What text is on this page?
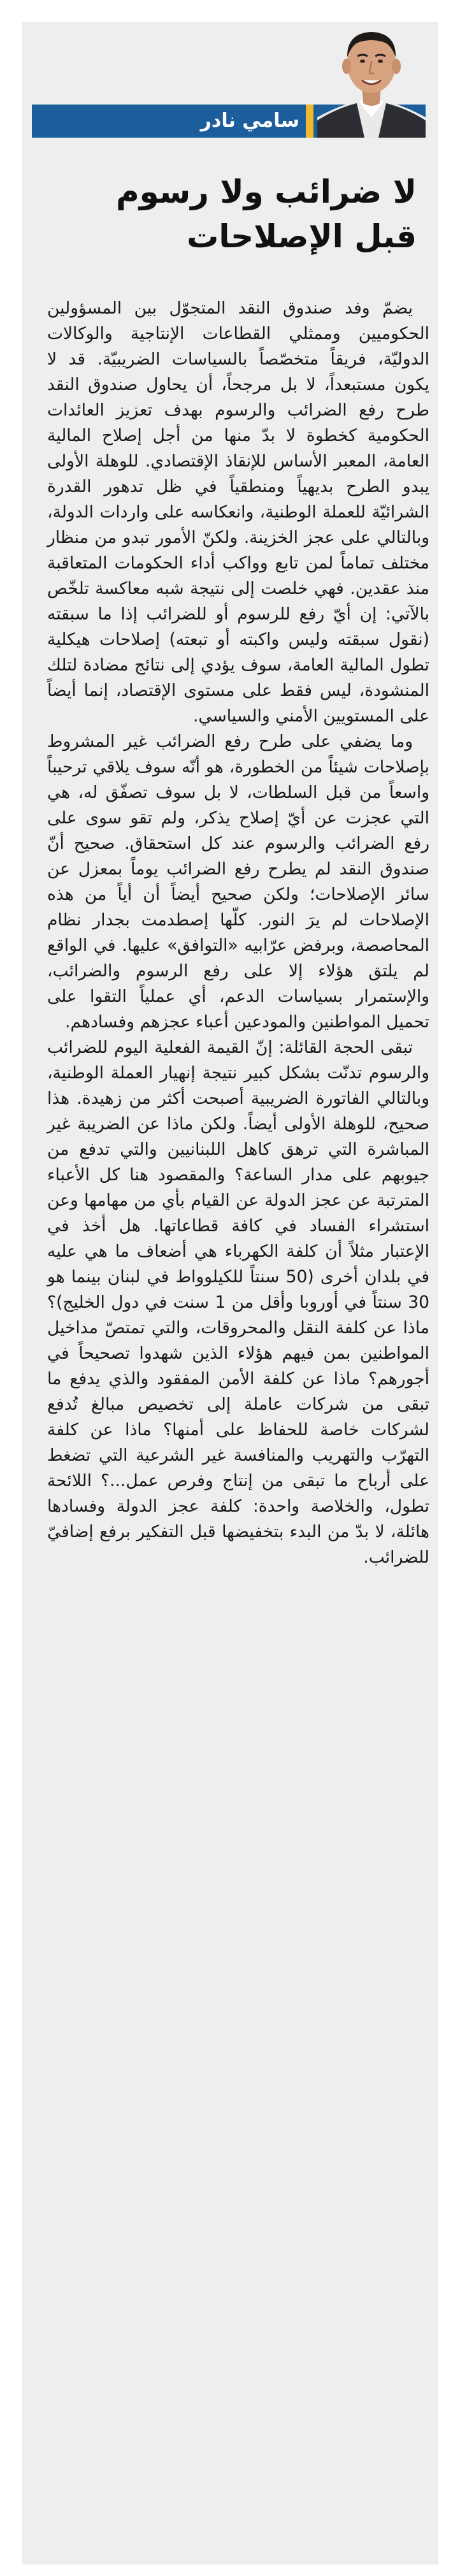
سامي نادر
لا ضرائب ولا رسوم قبل الإصلاحات

يضمّ وفد صندوق النقد المتجوّل بين المسؤولين الحكوميين وممثلي القطاعات الإنتاجية والوكالات الدوليّة، فريقاً متخصّصاً بالسياسات الضريبيّة. قد لا يكون مستبعداً، لا بل مرجحاً، أن يحاول صندوق النقد طرح رفع الضرائب والرسوم بهدف تعزيز العائدات الحكومية كخطوة لا بدّ منها من أجل إصلاح المالية العامة، المعبر الأساس للإنقاذ الإقتصادي. للوهلة الأولى يبدو الطرح بديهياً ومنطقياً في ظل تدهور القدرة الشرائيّة للعملة الوطنية، وانعكاسه على واردات الدولة، وبالتالي على عجز الخزينة. ولكنّ الأمور تبدو من منظار مختلف تماماً لمن تابع وواكب أداء الحكومات المتعاقبة منذ عقدين. فهي خلصت إلى نتيجة شبه معاكسة تلخّص بالآتي: إن أيّ رفع للرسوم أو للضرائب إذا ما سبقته (نقول سبقته وليس واكبته أو تبعته) إصلاحات هيكلية تطول المالية العامة، سوف يؤدي إلى نتائج مضادة لتلك المنشودة، ليس فقط على مستوى الإقتصاد، إنما أيضاً على المستويين الأمني والسياسي.

وما يضفي على طرح رفع الضرائب غير المشروط بإصلاحات شيئاً من الخطورة، هو أنّه سوف يلاقي ترحيباً واسعاً من قبل السلطات، لا بل سوف تصفّق له، هي التي عجزت عن أيّ إصلاح يذكر، ولم تقو سوى على رفع الضرائب والرسوم عند كل استحقاق. صحيح أنّ صندوق النقد لم يطرح رفع الضرائب يوماً بمعزل عن سائر الإصلاحات؛ ولكن صحيح أيضاً أن أياً من هذه الإصلاحات لم يرَ النور. كلّها إصطدمت بجدار نظام المحاصصة، وبرفض عرّابيه «التوافق» عليها. في الواقع لم يلتق هؤلاء إلا على رفع الرسوم والضرائب، والإستمرار بسياسات الدعم، أي عملياً التقوا على تحميل المواطنين والمودعين أعباء عجزهم وفسادهم.

تبقى الحجة القائلة: إنّ القيمة الفعلية اليوم للضرائب والرسوم تدنّت بشكل كبير نتيجة إنهيار العملة الوطنية، وبالتالي الفاتورة الضريبية أصبحت أكثر من زهيدة. هذا صحيح، للوهلة الأولى أيضاً. ولكن ماذا عن الضريبة غير المباشرة التي ترهق كاهل اللبنانيين والتي تدفع من جيوبهم على مدار الساعة؟ والمقصود هنا كل الأعباء المترتبة عن عجز الدولة عن القيام بأي من مهامها وعن استشراء الفساد في كافة قطاعاتها. هل أخذ في الإعتبار مثلاً أن كلفة الكهرباء هي أضعاف ما هي عليه في بلدان أخرى (50 سنتاً للكيلوواط في لبنان بينما هو 30 سنتاً في أوروبا وأقل من 1 سنت في دول الخليج)؟ ماذا عن كلفة النقل والمحروقات، والتي تمتصّ مداخيل المواطنين بمن فيهم هؤلاء الذين شهدوا تصحيحاً في أجورهم؟ ماذا عن كلفة الأمن المفقود والذي يدفع ما تبقى من شركات عاملة إلى تخصيص مبالغ تُدفع لشركات خاصة للحفاظ على أمنها؟ ماذا عن كلفة التهرّب والتهريب والمنافسة غير الشرعية التي تضغط على أرباح ما تبقى من إنتاج وفرص عمل...؟ اللائحة تطول، والخلاصة واحدة: كلفة عجز الدولة وفسادها هائلة، لا بدّ من البدء بتخفيضها قبل التفكير برفع إضافيّ للضرائب.
